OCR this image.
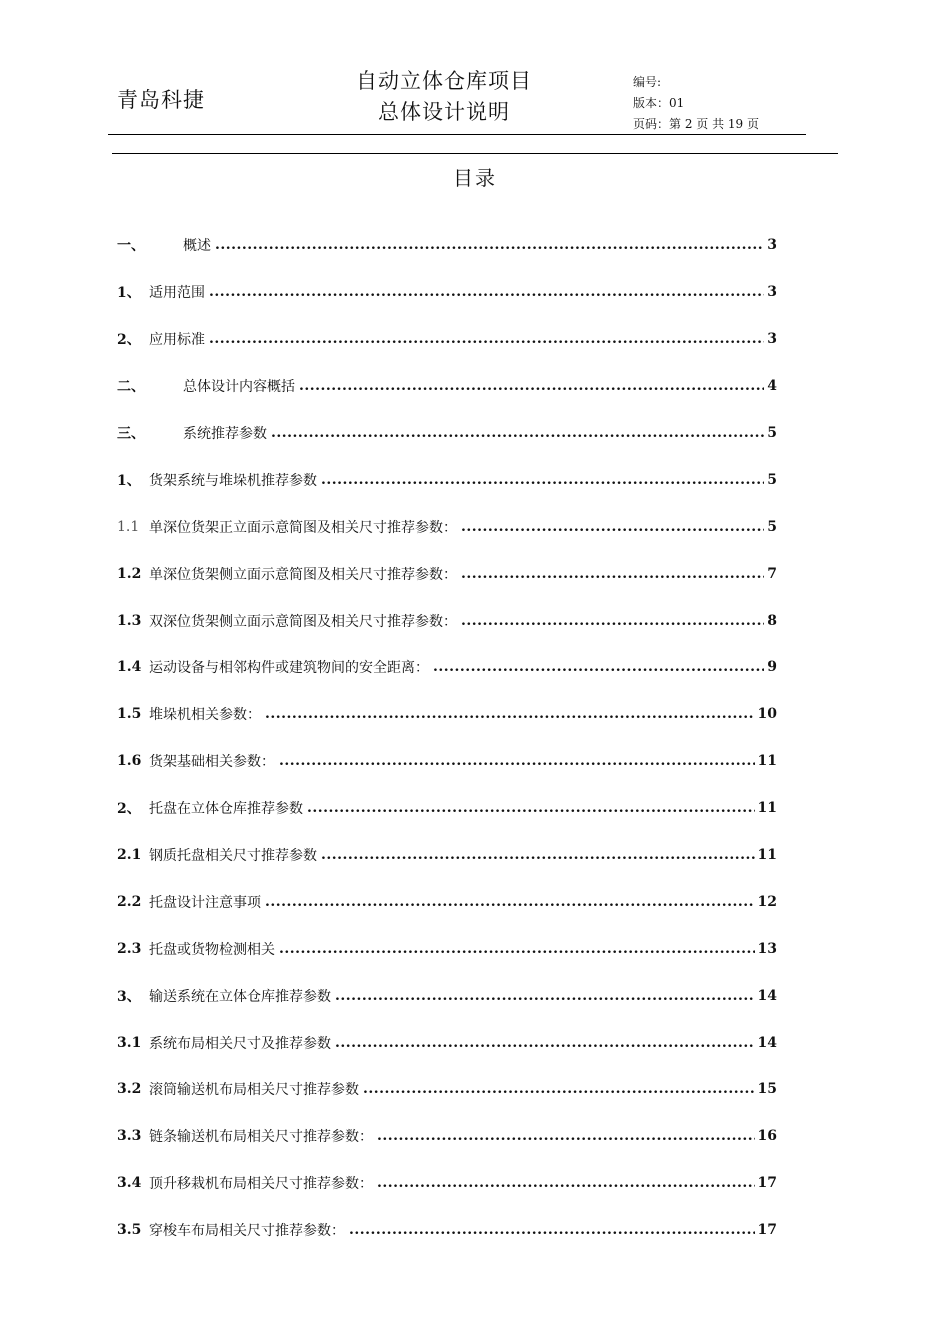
青岛科捷
自动立体仓库项目
总体设计说明
编号:
版本：01
页码：第 2 页 共 19 页
目录
一、	概述 .....	3
1、 适用范围 .....	3
2、 应用标准 .....	3
二、	总体设计内容概括 .....	4
三、	系统推荐参数 .....	5
1、 货架系统与堆垛机推荐参数 .....	5
1.1 单深位货架正立面示意简图及相关尺寸推荐参数： .....	5
1.2 单深位货架侧立面示意简图及相关尺寸推荐参数： .....	7
1.3 双深位货架侧立面示意简图及相关尺寸推荐参数： .....	8
1.4 运动设备与相邻构件或建筑物间的安全距离： .....	9
1.5 堆垛机相关参数： .....	10
1.6 货架基础相关参数： .....	11
2、 托盘在立体仓库推荐参数 .....	11
2.1 钢质托盘相关尺寸推荐参数 .....	11
2.2 托盘设计注意事项 .....	12
2.3 托盘或货物检测相关 .....	13
3、 输送系统在立体仓库推荐参数 .....	14
3.1 系统布局相关尺寸及推荐参数 .....	14
3.2 滚筒输送机布局相关尺寸推荐参数 .....	15
3.3 链条输送机布局相关尺寸推荐参数： .....	16
3.4 顶升移栽机布局相关尺寸推荐参数： .....	17
3.5 穿梭车布局相关尺寸推荐参数： .....	17
